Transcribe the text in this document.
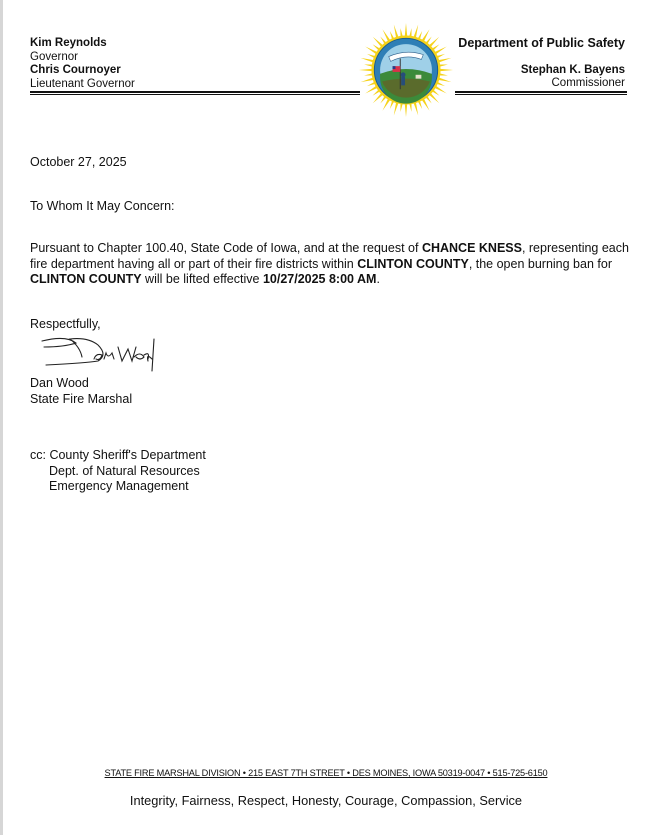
Kim Reynolds
Governor
Chris Cournoyer
Lieutenant Governor
Department of Public Safety
Stephan K. Bayens
Commissioner
October 27, 2025
To Whom It May Concern:
Pursuant to Chapter 100.40, State Code of Iowa, and at the request of CHANCE KNESS, representing each fire department having all or part of their fire districts within CLINTON COUNTY, the open burning ban for CLINTON COUNTY will be lifted effective 10/27/2025 8:00 AM.
Respectfully,
Dan Wood
State Fire Marshal
cc: County Sheriff's Department
Dept. of Natural Resources
Emergency Management
STATE FIRE MARSHAL DIVISION • 215 EAST 7TH STREET • DES MOINES, IOWA 50319-0047 • 515-725-6150
Integrity, Fairness, Respect, Honesty, Courage, Compassion, Service
